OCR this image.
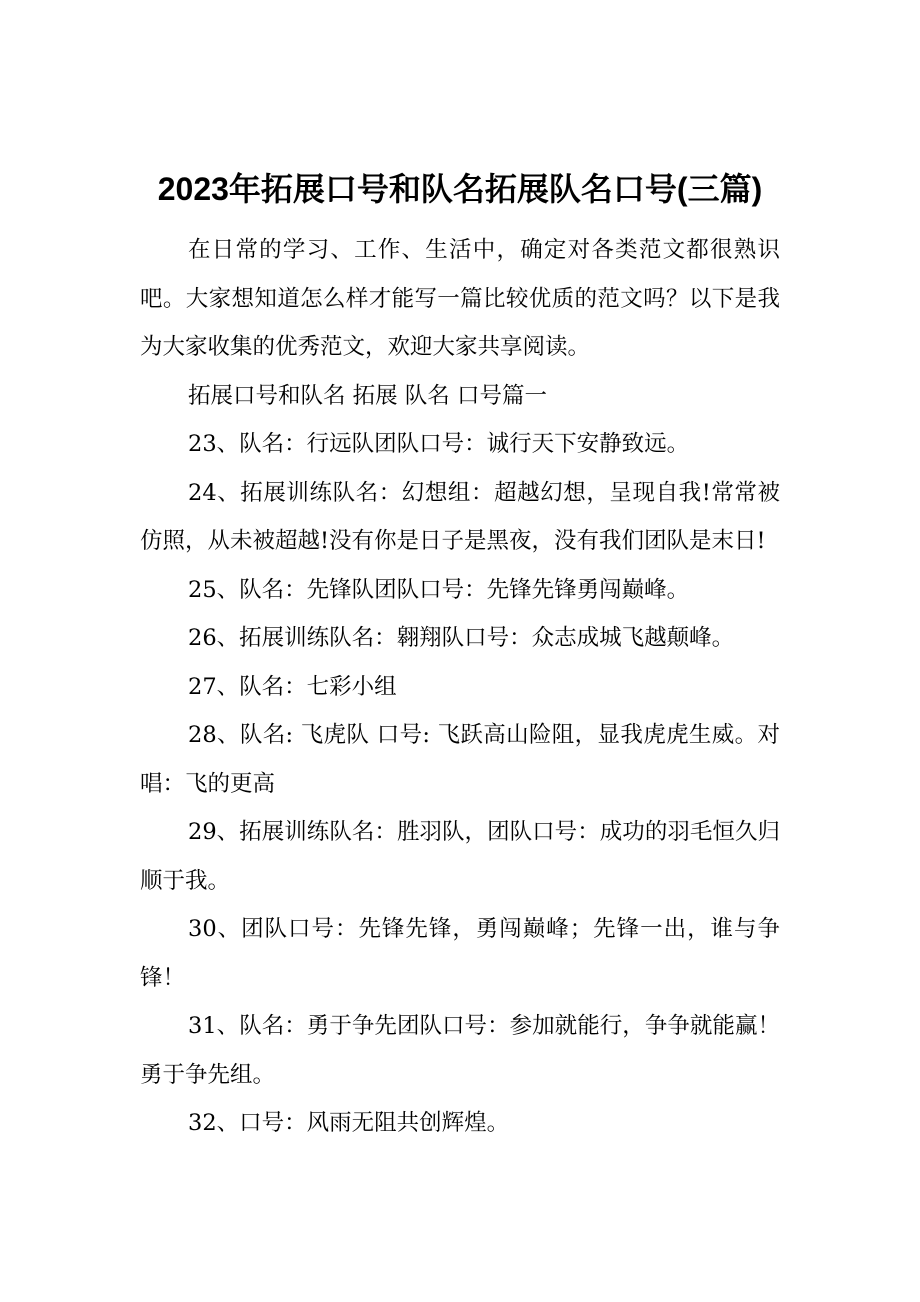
2023年拓展口号和队名拓展队名口号(三篇)

在日常的学习、工作、生活中，确定对各类范文都很熟识吧。大家想知道怎么样才能写一篇比较优质的范文吗？以下是我为大家收集的优秀范文，欢迎大家共享阅读。

拓展口号和队名 拓展 队名 口号篇一

23、队名：行远队团队口号：诚行天下安静致远。

24、拓展训练队名：幻想组：超越幻想，呈现自我!常常被仿照，从未被超越!没有你是日子是黑夜，没有我们团队是末日!

25、队名：先锋队团队口号：先锋先锋勇闯巅峰。

26、拓展训练队名：翱翔队口号：众志成城飞越颠峰。

27、队名：七彩小组

28、队名: 飞虎队 口号: 飞跃高山险阻，显我虎虎生威。对唱：飞的更高

29、拓展训练队名：胜羽队，团队口号：成功的羽毛恒久归顺于我。

30、团队口号：先锋先锋，勇闯巅峰；先锋一出，谁与争锋！

31、队名：勇于争先团队口号：参加就能行，争争就能赢！勇于争先组。

32、口号：风雨无阻共创辉煌。
